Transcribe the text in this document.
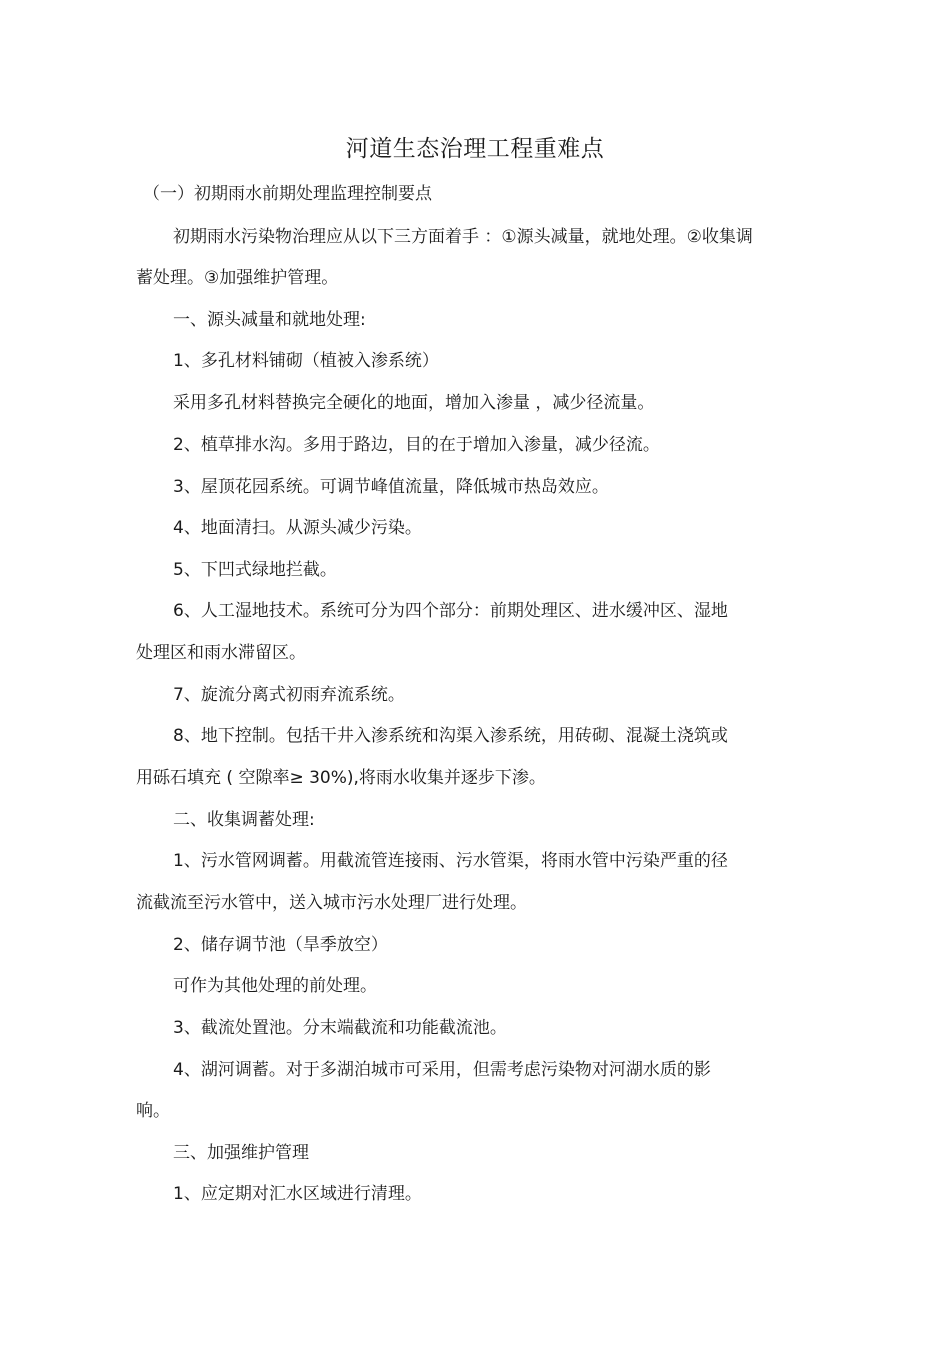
河道生态治理工程重难点
（一）初期雨水前期处理监理控制要点
初期雨水污染物治理应从以下三方面着手 ：①源头减量，就地处理。②收集调
蓄处理。③加强维护管理。
一、源头减量和就地处理:
1、多孔材料铺砌（植被入渗系统）
采用多孔材料替换完全硬化的地面，增加入渗量 ，减少径流量。
2、植草排水沟。多用于路边，目的在于增加入渗量，减少径流。
3、屋顶花园系统。可调节峰值流量，降低城市热岛效应。
4、地面清扫。从源头减少污染。
5、下凹式绿地拦截。
6、人工湿地技术。系统可分为四个部分：前期处理区、进水缓冲区、湿地
处理区和雨水滞留区。
7、旋流分离式初雨弃流系统。
8、地下控制。包括干井入渗系统和沟渠入渗系统，用砖砌、混凝土浇筑或
用砾石填充 ( 空隙率≥ 30%),将雨水收集并逐步下渗。
二、收集调蓄处理:
1、污水管网调蓄。用截流管连接雨、污水管渠，将雨水管中污染严重的径
流截流至污水管中，送入城市污水处理厂进行处理。
2、储存调节池（旱季放空）
可作为其他处理的前处理。
3、截流处置池。分末端截流和功能截流池。
4、湖河调蓄。对于多湖泊城市可采用，但需考虑污染物对河湖水质的影
响。
三、加强维护管理
1、应定期对汇水区域进行清理。
